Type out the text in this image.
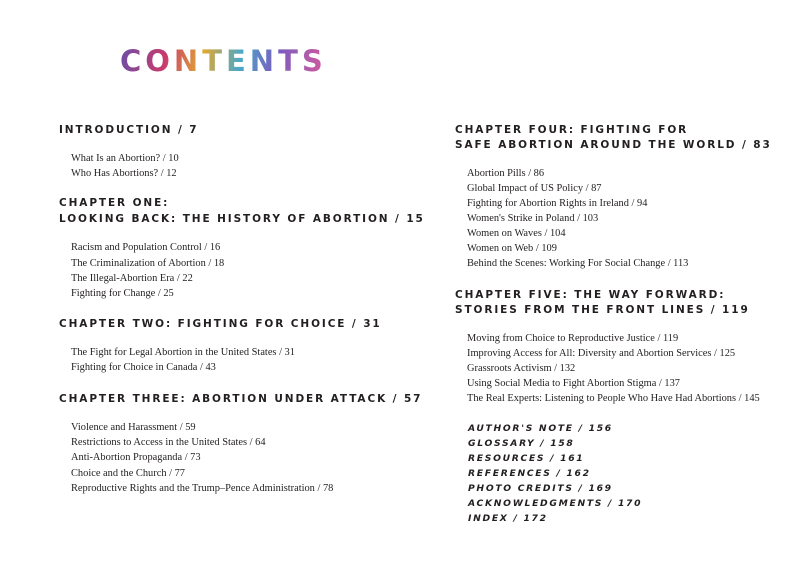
CONTENTS
INTRODUCTION / 7
What Is an Abortion? / 10
Who Has Abortions? / 12
CHAPTER ONE:
LOOKING BACK: THE HISTORY OF ABORTION / 15
Racism and Population Control / 16
The Criminalization of Abortion / 18
The Illegal-Abortion Era / 22
Fighting for Change / 25
CHAPTER TWO: FIGHTING FOR CHOICE / 31
The Fight for Legal Abortion in the United States / 31
Fighting for Choice in Canada / 43
CHAPTER THREE: ABORTION UNDER ATTACK / 57
Violence and Harassment / 59
Restrictions to Access in the United States / 64
Anti-Abortion Propaganda / 73
Choice and the Church / 77
Reproductive Rights and the Trump–Pence Administration / 78
CHAPTER FOUR: FIGHTING FOR
SAFE ABORTION AROUND THE WORLD / 83
Abortion Pills / 86
Global Impact of US Policy / 87
Fighting for Abortion Rights in Ireland / 94
Women's Strike in Poland / 103
Women on Waves / 104
Women on Web / 109
Behind the Scenes: Working For Social Change / 113
CHAPTER FIVE: THE WAY FORWARD:
STORIES FROM THE FRONT LINES / 119
Moving from Choice to Reproductive Justice / 119
Improving Access for All: Diversity and Abortion Services / 125
Grassroots Activism / 132
Using Social Media to Fight Abortion Stigma / 137
The Real Experts: Listening to People Who Have Had Abortions / 145
AUTHOR'S NOTE / 156
GLOSSARY / 158
RESOURCES / 161
REFERENCES / 162
PHOTO CREDITS / 169
ACKNOWLEDGMENTS / 170
INDEX / 172
